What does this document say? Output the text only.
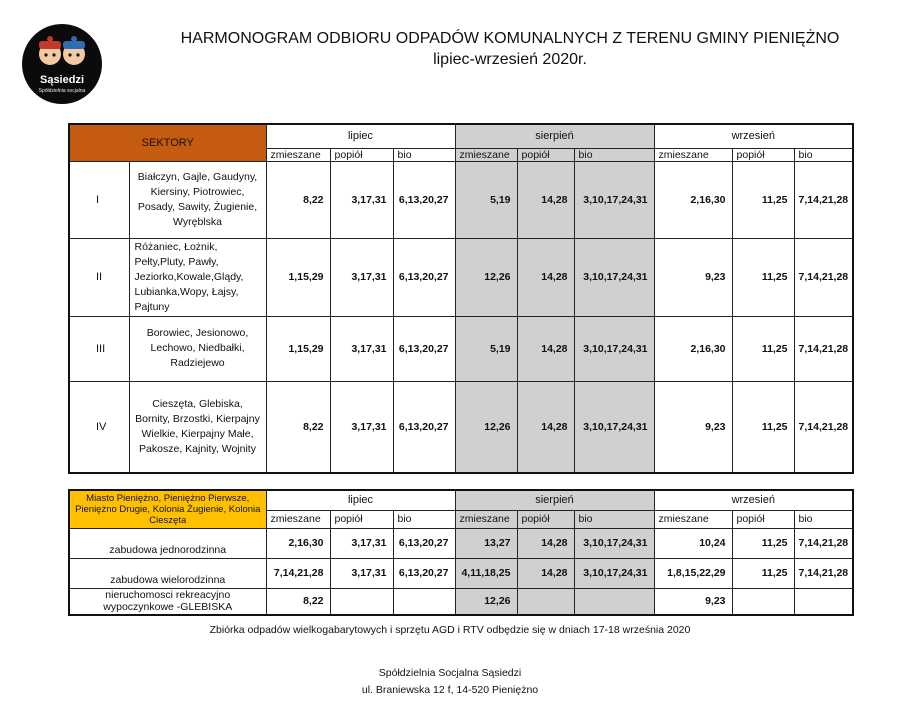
Sąsiedzi
Spółdzielnia socjalna
HARMONOGRAM ODBIORU ODPADÓW KOMUNALNYCH Z TERENU GMINY PIENIĘŻNO
lipiec-wrzesień 2020r.
SEKTORY		lipiec			sierpień			wrzesień		
		zmieszane	popiół	bio	zmieszane	popiół	bio	zmieszane	popiół	bio
I	Białczyn, Gajle, Gaudyny, Kiersiny, Piotrowiec, Posady, Sawity, Żugienie, Wyręblska	8,22	3,17,31	6,13,20,27	5,19	14,28	3,10,17,24,31	2,16,30	11,25	7,14,21,28
II	Różaniec, Łożnik, Pełty,Pluty, Pawły, Jeziorko,Kowale,Glądy, Lubianka,Wopy, Łajsy, Pajtuny	1,15,29	3,17,31	6,13,20,27	12,26	14,28	3,10,17,24,31	9,23	11,25	7,14,21,28
III	Borowiec, Jesionowo, Lechowo, Niedbałki, Radziejewo	1,15,29	3,17,31	6,13,20,27	5,19	14,28	3,10,17,24,31	2,16,30	11,25	7,14,21,28
IV	Cieszęta, Glebiska, Bornity, Brzostki, Kierpajny Wielkie, Kierpajny Małe, Pakosze, Kajnity, Wojnity	8,22	3,17,31	6,13,20,27	12,26	14,28	3,10,17,24,31	9,23	11,25	7,14,21,28
Miasto Pieniężno, Pieniężno Pierwsze, Pieniężno Drugie, Kolonia Żugienie, Kolonia Cieszęta	lipiec			sierpień			wrzesień		
	zmieszane	popiół	bio	zmieszane	popiół	bio	zmieszane	popiół	bio
zabudowa jednorodzinna	2,16,30	3,17,31	6,13,20,27	13,27	14,28	3,10,17,24,31	10,24	11,25	7,14,21,28
zabudowa wielorodzinna	7,14,21,28	3,17,31	6,13,20,27	4,11,18,25	14,28	3,10,17,24,31	1,8,15,22,29	11,25	7,14,21,28
nieruchomosci rekreacyjno wypoczynkowe -GLEBISKA	8,22			12,26			9,23		
Zbiórka odpadów wielkogabarytowych i sprzętu AGD i RTV odbędzie się w dniach 17-18 września 2020
Spółdzielnia Socjalna Sąsiedzi
ul. Braniewska 12 f, 14-520 Pieniężno
